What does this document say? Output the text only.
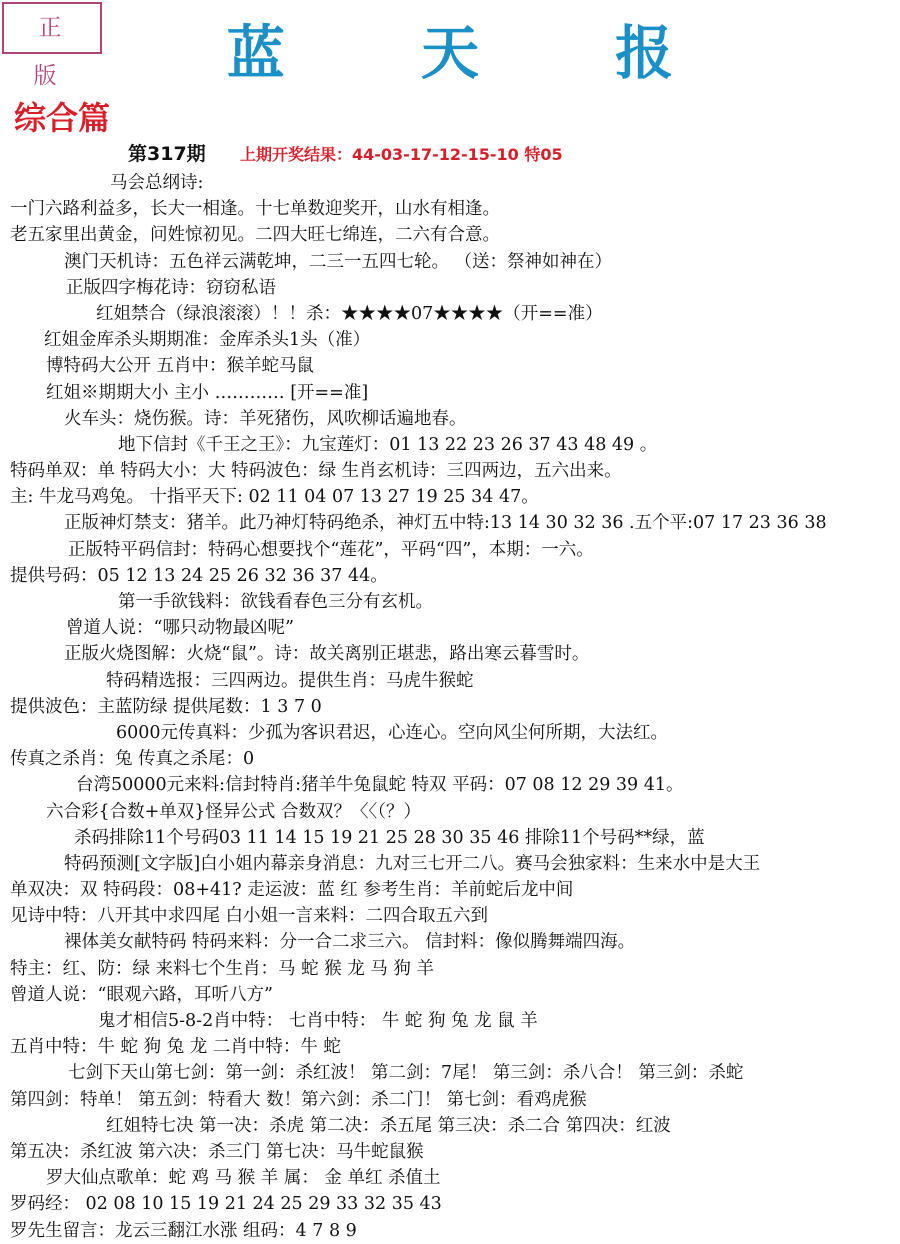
正 版	蓝 天 报
综合篇
第317期 上期开奖结果：44-03-17-12-15-10 特05
马会总纲诗:
一门六路利益多，长大一相逢。十七单数迎奖开，山水有相逢。
老五家里出黄金，问姓惊初见。二四大旺七绵连，二六有合意。
澳门天机诗：五色祥云满乾坤，二三一五四七轮。 （送：祭神如神在）
正版四字梅花诗：窃窃私语
红姐禁合（绿浪滚滚）！！杀：★★★★07★★★★（开==准）
红姐金库杀头期期准：金库杀头1头（准）
博特码大公开 五肖中：猴羊蛇马鼠
红姐※期期大小 主小 ………… [开==准]
火车头：烧伤猴。诗：羊死猪伤，风吹柳话遍地春。
地下信封《千王之王》：九宝莲灯：01 13 22 23 26 37 43 48 49 。
特码单双：单 特码大小：大 特码波色：绿 生肖玄机诗：三四两边，五六出来。
主: 牛龙马鸡兔。 十指平天下: 02 11 04 07 13 27 19 25 34 47。
正版神灯禁支：猪羊。此乃神灯特码绝杀，神灯五中特:13 14 30 32 36 .五个平:07 17 23 36 38
正版特平码信封：特码心想要找个“莲花”，平码“四”，本期：一六。
提供号码：05 12 13 24 25 26 32 36 37 44。
第一手欲钱料：欲钱看春色三分有玄机。
曾道人说：“哪只动物最凶呢”
正版火烧图解：火烧“鼠”。诗：故关离别正堪悲，路出寒云暮雪时。
特码精选报：三四两边。提供生肖：马虎牛猴蛇
提供波色：主蓝防绿 提供尾数：1 3 7 0
6000元传真料：少孤为客识君迟，心连心。空向风尘何所期，大法红。
传真之杀肖：兔 传真之杀尾：0
台湾50000元来料:信封特肖:猪羊牛兔鼠蛇 特双 平码：07 08 12 29 39 41。
六合彩{合数+单双}怪异公式 合数双？〈〈（？）
杀码排除11个号码03 11 14 15 19 21 25 28 30 35 46 排除11个号码**绿，蓝
特码预测[文字版]白小姐内幕亲身消息：九对三七开二八。赛马会独家料：生来水中是大王
单双决：双 特码段：08+41? 走运波：蓝 红 参考生肖：羊前蛇后龙中间
见诗中特：八开其中求四尾 白小姐一言来料：二四合取五六到
裸体美女献特码 特码来料：分一合二求三六。 信封料：像似腾舞端四海。
特主：红、防：绿 来料七个生肖：马 蛇 猴 龙 马 狗 羊
曾道人说：“眼观六路，耳听八方”
鬼才相信5-8-2肖中特： 七肖中特： 牛 蛇 狗 兔 龙 鼠 羊
五肖中特：牛 蛇 狗 兔 龙 二肖中特：牛 蛇
七剑下天山第七剑：第一剑：杀红波！ 第二剑：7尾！ 第三剑：杀八合！ 第三剑：杀蛇
第四剑：特单！ 第五剑：特看大 数！第六剑：杀二门！ 第七剑：看鸡虎猴
红姐特七决 第一决：杀虎 第二决：杀五尾 第三决：杀二合 第四决：红波
第五决：杀红波 第六决：杀三门 第七决：马牛蛇鼠猴
罗大仙点歌单：蛇 鸡 马 猴 羊 属： 金 单红 杀值土
罗码经： 02 08 10 15 19 21 24 25 29 33 32 35 43
罗先生留言：龙云三翻江水涨 组码：4 7 8 9
